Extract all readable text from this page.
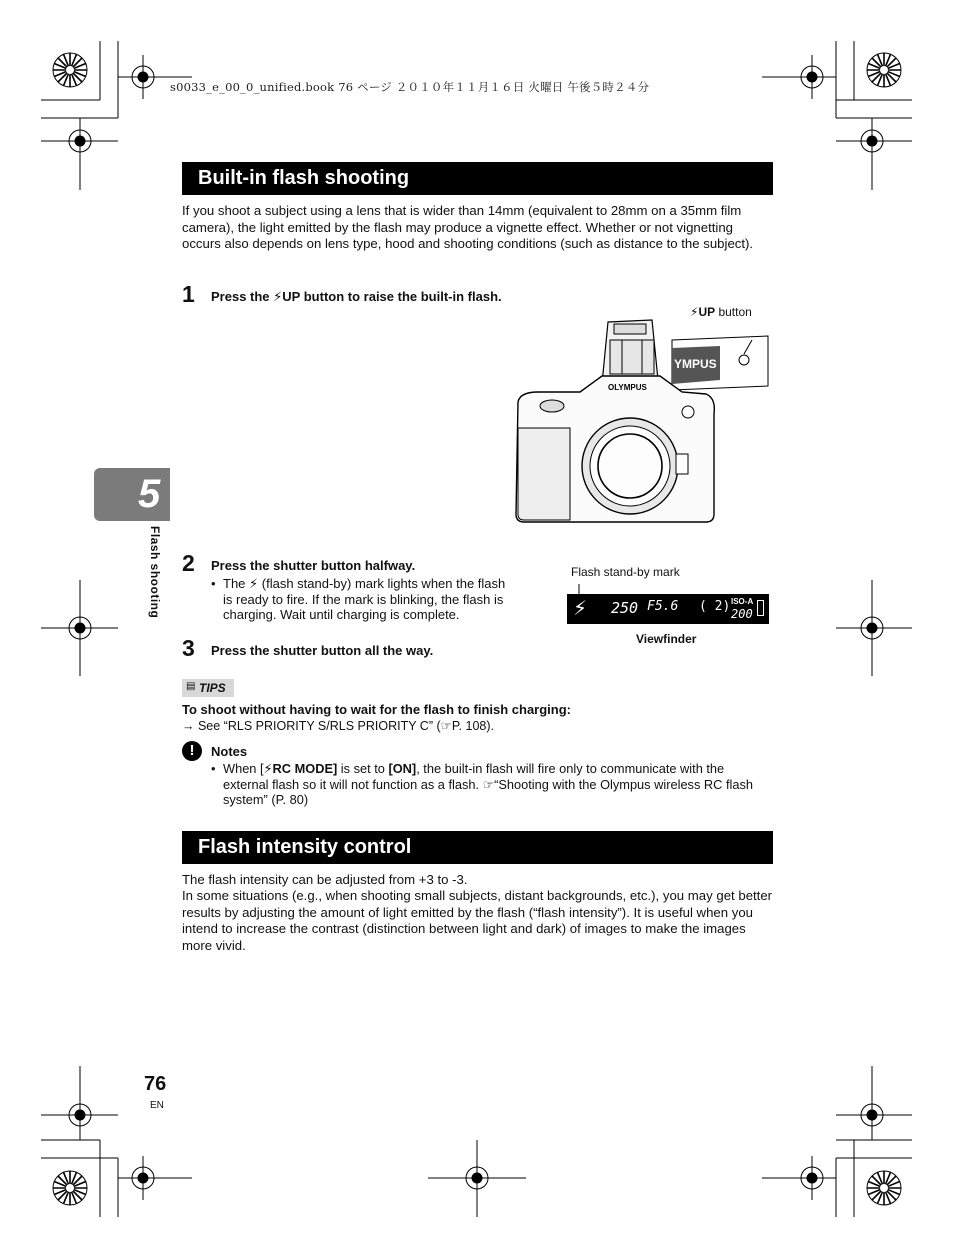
s0033_e_00_0_unified.book 76 ページ ２０１０年１１月１６日 火曜日 午後５時２４分
5
Flash shooting
Built-in flash shooting
If you shoot a subject using a lens that is wider than 14mm (equivalent to 28mm on a 35mm film camera), the light emitted by the flash may produce a vignette effect. Whether or not vignetting occurs also depends on lens type, hood and shooting conditions (such as distance to the subject).
1 Press the ⚡UP button to raise the built-in flash.
⚡UP button
YMPUS
OLYMPUS
2 Press the shutter button halfway.
• The ⚡ (flash stand-by) mark lights when the flash is ready to fire. If the mark is blinking, the flash is charging. Wait until charging is complete.
Flash stand-by mark
⚡ 250 F5.6 ( 2) ISO-A
200
Viewfinder
3 Press the shutter button all the way.
▤ TIPS
To shoot without having to wait for the flash to finish charging:
→ See “RLS PRIORITY S/RLS PRIORITY C” (☞P. 108).
!	Notes
• When [⚡RC MODE] is set to [ON], the built-in flash will fire only to communicate with the external flash so it will not function as a flash. ☞“Shooting with the Olympus wireless RC flash system” (P. 80)
Flash intensity control
The flash intensity can be adjusted from +3 to -3.
In some situations (e.g., when shooting small subjects, distant backgrounds, etc.), you may get better results by adjusting the amount of light emitted by the flash (“flash intensity”). It is useful when you intend to increase the contrast (distinction between light and dark) of images to make the images more vivid.
76
EN
